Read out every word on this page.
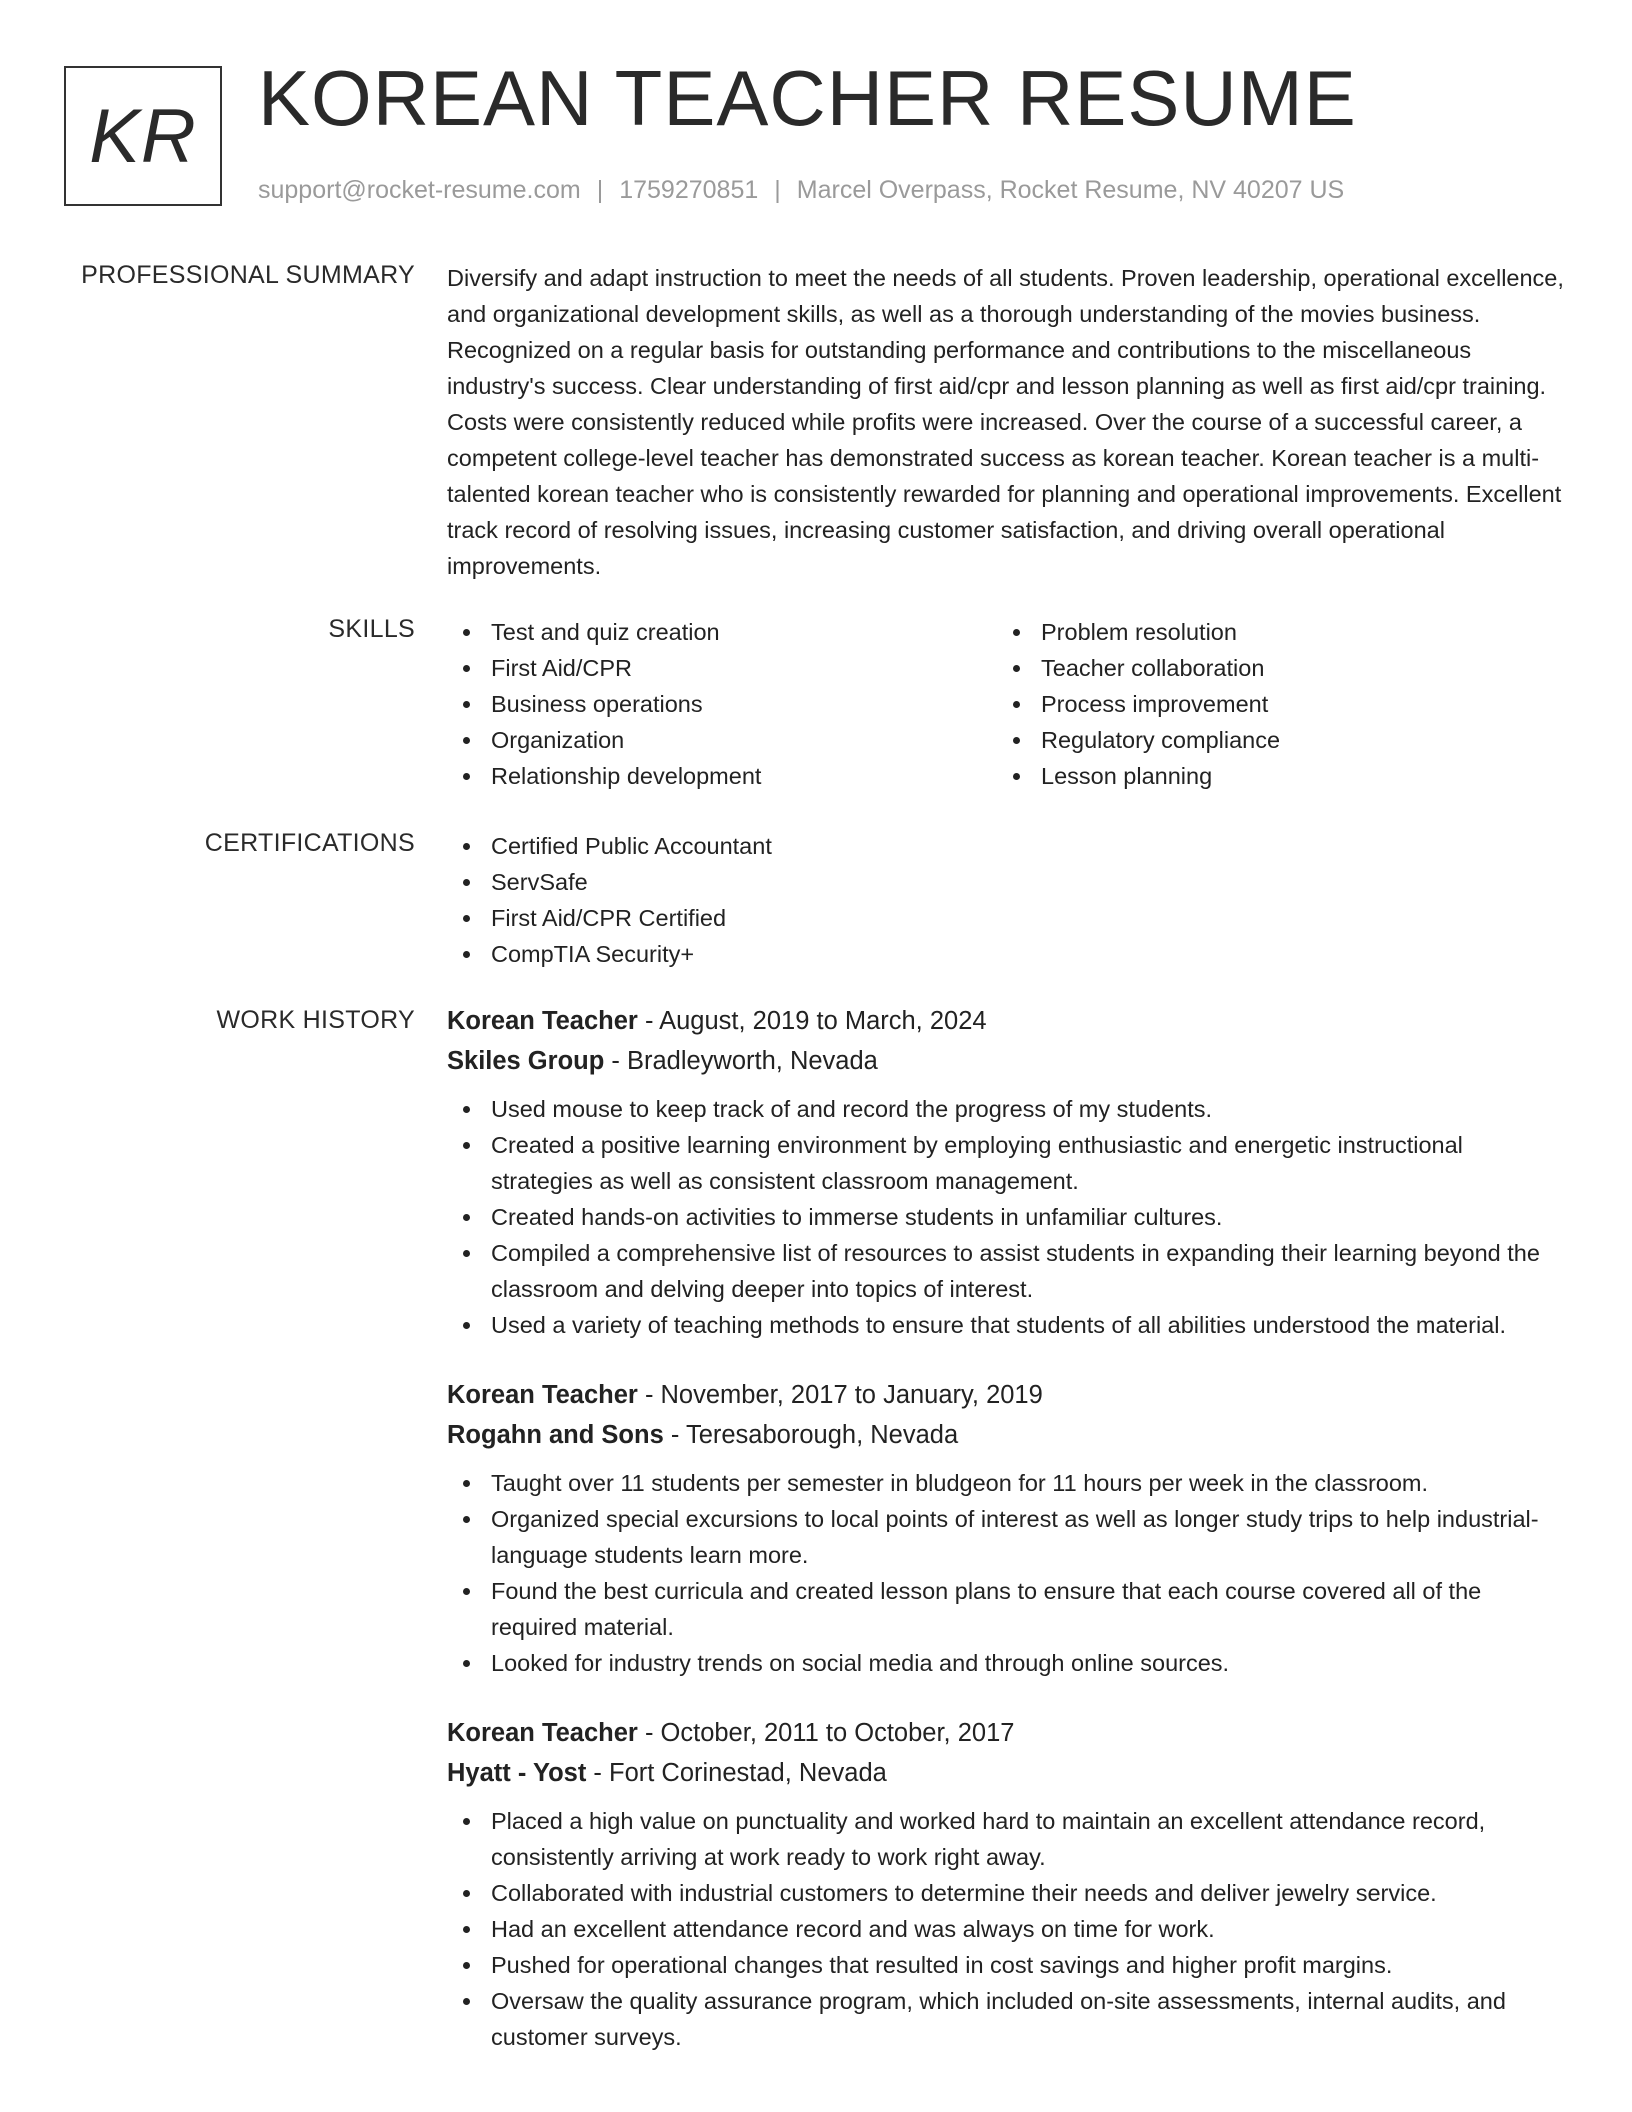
KR KOREAN TEACHER RESUME
support@rocket-resume.com | 1759270851 | Marcel Overpass, Rocket Resume, NV 40207 US
PROFESSIONAL SUMMARY Diversify and adapt instruction to meet the needs of all students. Proven leadership, operational excellence, and organizational development skills, as well as a thorough understanding of the movies business. Recognized on a regular basis for outstanding performance and contributions to the miscellaneous industry's success. Clear understanding of first aid/cpr and lesson planning as well as first aid/cpr training. Costs were consistently reduced while profits were increased. Over the course of a successful career, a competent college-level teacher has demonstrated success as korean teacher. Korean teacher is a multi-talented korean teacher who is consistently rewarded for planning and operational improvements. Excellent track record of resolving issues, increasing customer satisfaction, and driving overall operational improvements.

SKILLS	Test and quiz creation
First Aid/CPR
Business operations
Organization
Relationship development
Problem resolution
Teacher collaboration
Process improvement
Regulatory compliance
Lesson planning
CERTIFICATIONS	Certified Public Accountant
ServSafe
First Aid/CPR Certified
CompTIA Security+
WORK HISTORY Korean Teacher - August, 2019 to March, 2024
Skiles Group - Bradleyworth, Nevada
Used mouse to keep track of and record the progress of my students.
Created a positive learning environment by employing enthusiastic and energetic instructional strategies as well as consistent classroom management.
Created hands-on activities to immerse students in unfamiliar cultures.
Compiled a comprehensive list of resources to assist students in expanding their learning beyond the classroom and delving deeper into topics of interest.
Used a variety of teaching methods to ensure that students of all abilities understood the material.
Korean Teacher - November, 2017 to January, 2019
Rogahn and Sons - Teresaborough, Nevada
Taught over 11 students per semester in bludgeon for 11 hours per week in the classroom.
Organized special excursions to local points of interest as well as longer study trips to help industrial-language students learn more.
Found the best curricula and created lesson plans to ensure that each course covered all of the required material.
Looked for industry trends on social media and through online sources.
Korean Teacher - October, 2011 to October, 2017
Hyatt - Yost - Fort Corinestad, Nevada
Placed a high value on punctuality and worked hard to maintain an excellent attendance record, consistently arriving at work ready to work right away.
Collaborated with industrial customers to determine their needs and deliver jewelry service.
Had an excellent attendance record and was always on time for work.
Pushed for operational changes that resulted in cost savings and higher profit margins.
Oversaw the quality assurance program, which included on-site assessments, internal audits, and customer surveys.
